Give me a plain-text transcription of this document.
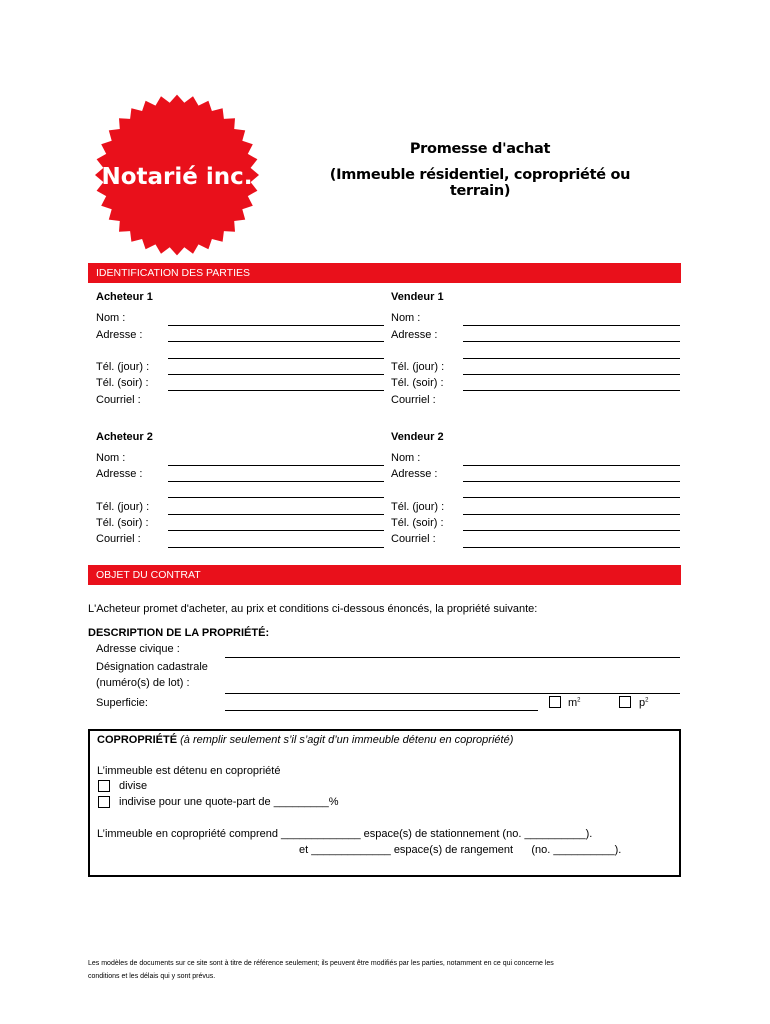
Notarié inc.
Promesse d'achat
(Immeuble résidentiel, copropriété ou terrain)
IDENTIFICATION DES PARTIES
Acheteur 1
Nom :
Adresse :
Tél. (jour) :
Tél. (soir) :
Courriel :
Vendeur 1
Nom :
Adresse :
Tél. (jour) :
Tél. (soir) :
Courriel :
Acheteur 2
Nom :
Adresse :
Tél. (jour) :
Tél. (soir) :
Courriel :
Vendeur 2
Nom :
Adresse :
Tél. (jour) :
Tél. (soir) :
Courriel :
OBJET DU CONTRAT
L'Acheteur promet d'acheter, au prix et conditions ci-dessous énoncés, la propriété suivante:
DESCRIPTION DE LA PROPRIÉTÉ:
Adresse civique :
Désignation cadastrale
(numéro(s) de lot) :
Superficie:	$m^2$	$p^2$
COPROPRIÉTÉ (à remplir seulement s’il s’agit d’un immeuble détenu en copropriété)
L’immeuble est détenu en copropriété
divise
indivise pour une quote-part de _________%
L’immeuble en copropriété comprend _____________ espace(s) de stationnement (no. __________).
et _____________ espace(s) de rangement      (no. __________).
Les modèles de documents sur ce site sont à titre de référence seulement; ils peuvent être modifiés par les parties, notamment en ce qui concerne les
conditions et les délais qui y sont prévus.
